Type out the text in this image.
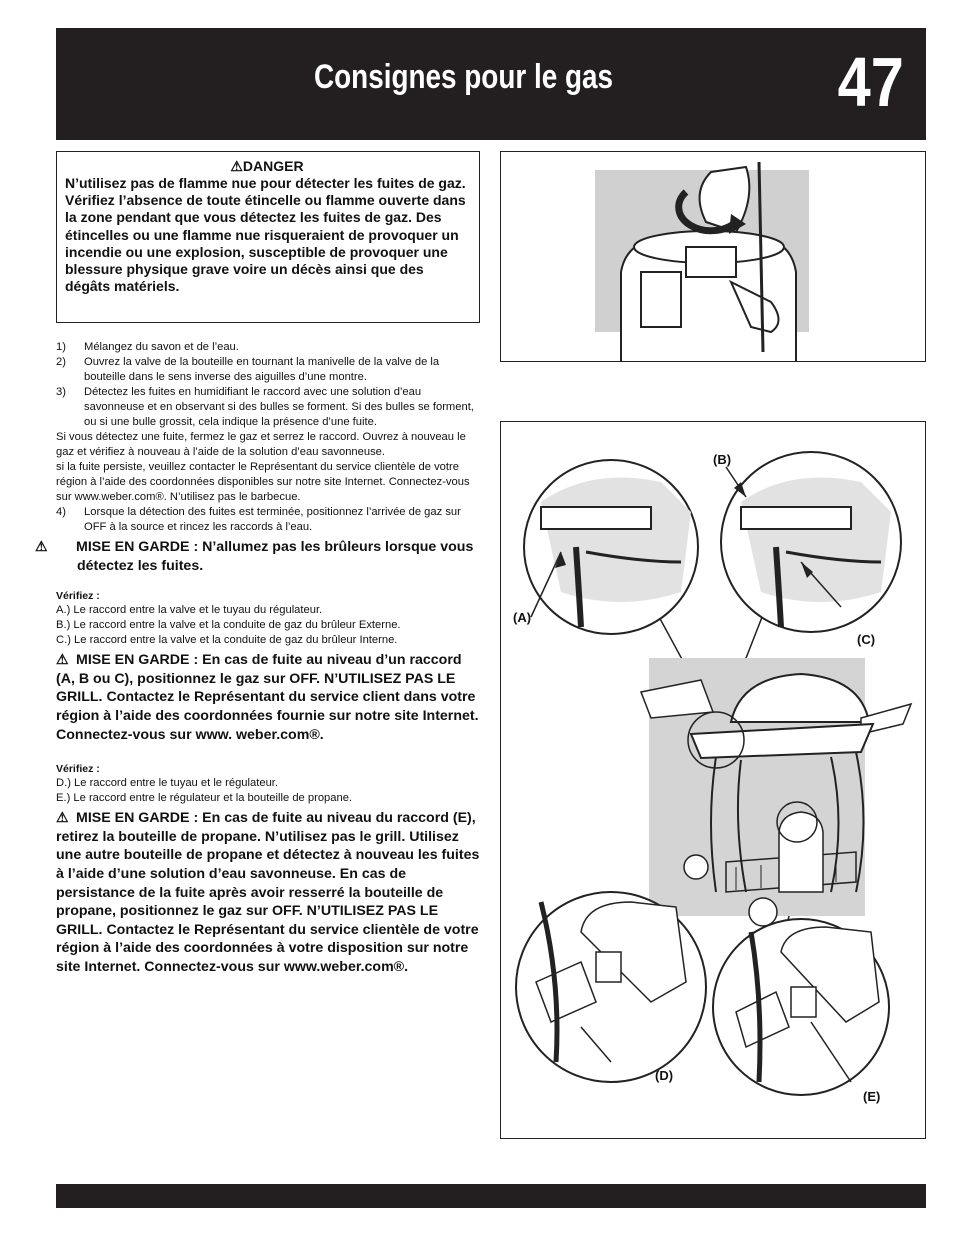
Consignes pour le gas	47
⚠DANGER
N’utilisez pas de flamme nue pour détecter les fuites de gaz. Vérifiez l’absence de toute étincelle ou flamme ouverte dans la zone pendant que vous détectez les fuites de gaz. Des étincelles ou une flamme nue risqueraient de provoquer un incendie ou une explosion, susceptible de provoquer une blessure physique grave voire un décès ainsi que des dégâts matériels.
1)	Mélangez du savon et de l’eau.
2)	Ouvrez la valve de la bouteille en tournant la manivelle de la valve de la bouteille dans le sens inverse des aiguilles d’une montre.
3)	Détectez les fuites en humidifiant le raccord avec une solution d’eau savonneuse et en observant si des bulles se forment. Si des bulles se forment, ou si une bulle grossit, cela indique la présence d’une fuite.
Si vous détectez une fuite, fermez le gaz et serrez le raccord. Ouvrez à nouveau le gaz et vérifiez à nouveau à l’aide de la solution d’eau savonneuse.
si la fuite persiste, veuillez contacter le Représentant du service clientèle de votre région à l’aide des coordonnées disponibles sur notre site Internet. Connectez-vous sur www.weber.com®. N’utilisez pas le barbecue.
4)	Lorsque la détection des fuites est terminée, positionnez l’arrivée de gaz sur OFF à la source et rincez les raccords à l’eau.
⚠ MISE EN GARDE : N’allumez pas les brûleurs lorsque vous détectez les fuites.
Vérifiez :
A.) Le raccord entre la valve et le tuyau du régulateur.
B.) Le raccord entre la valve et la conduite de gaz du brûleur Externe.
C.) Le raccord entre la valve et la conduite de gaz du brûleur Interne.
⚠ MISE EN GARDE : En cas de fuite au niveau d’un raccord (A, B ou C), positionnez le gaz sur OFF. N’UTILISEZ PAS LE GRILL. Contactez le Représentant du service client dans votre région à l’aide des coordonnées fournie sur notre site Internet. Connectez-vous sur www. weber.com®.
Vérifiez :
D.) Le raccord entre le tuyau et le régulateur.
E.) Le raccord entre le régulateur et la bouteille de propane.
⚠ MISE EN GARDE : En cas de fuite au niveau du raccord (E), retirez la bouteille de propane. N’utilisez pas le grill. Utilisez une autre bouteille de propane et détectez à nouveau les fuites à l’aide d’une solution d’eau savonneuse. En cas de persistance de la fuite après avoir resserré la bouteille de propane, positionnez le gaz sur OFF. N’UTILISEZ PAS LE GRILL. Contactez le Représentant du service clientèle de votre région à l’aide des coordonnées à votre disposition sur notre site Internet. Connectez-vous sur www.weber.com®.
(A)
(B)
(C)
(D)
(E)
